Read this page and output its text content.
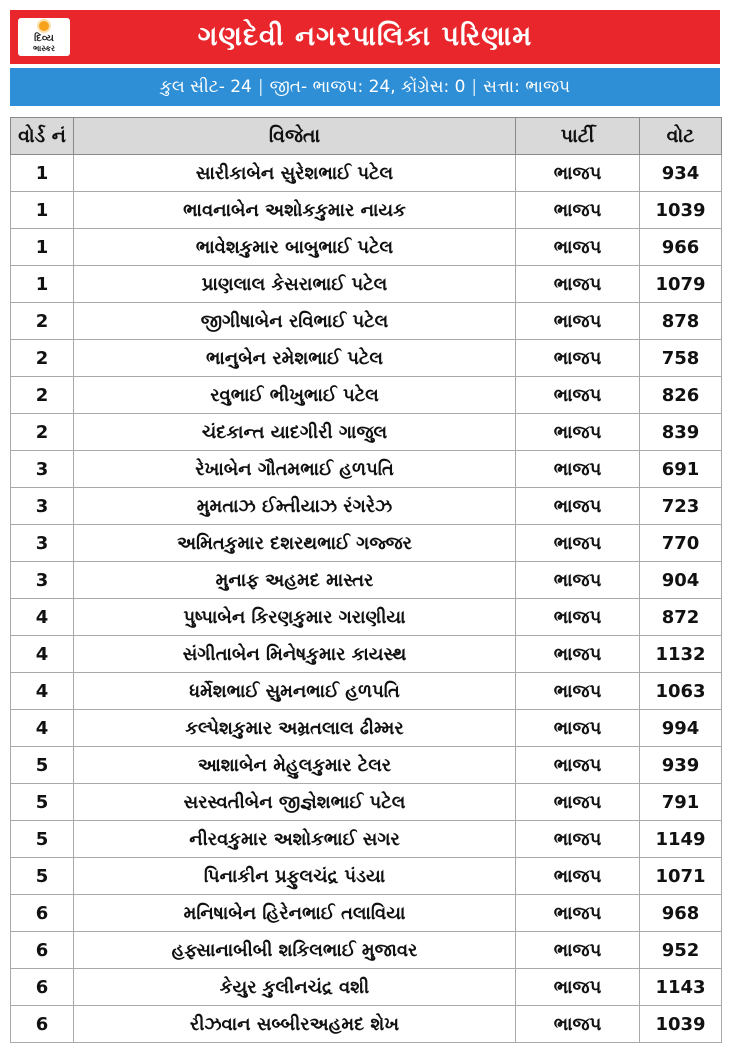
દિવ્ય
ભાસ્કર	ગણદેવી નગરપાલિકા પરિણામ
કુલ સીટ- 24 | જીત- ભાજપ: 24, કોંગ્રેસ: 0 | સત્તા: ભાજપ
વોર્ડ નં	વિજેતા	પાર્ટી	વોટ
1	સારીકાબેન સુરેશભાઈ પટેલ	ભાજપ	934
1	ભાવનાબેન અશોકકુમાર નાયક	ભાજપ	1039
1	ભાવેશકુમાર બાબુભાઈ પટેલ	ભાજપ	966
1	પ્રાણલાલ કેસરાભાઈ પટેલ	ભાજપ	1079
2	જીગીષાબેન રવિભાઈ પટેલ	ભાજપ	878
2	ભાનુબેન રમેશભાઈ પટેલ	ભાજપ	758
2	રવુભાઈ ભીખુભાઈ પટેલ	ભાજપ	826
2	ચંદકાન્ત યાદગીરી ગાજુલ	ભાજપ	839
3	રેખાબેન ગૌતમભાઈ હળપતિ	ભાજપ	691
3	મુમતાઝ ઈમ્તીયાઝ રંગરેઝ	ભાજપ	723
3	અમિતકુમાર દશરથભાઈ ગજ્જર	ભાજપ	770
3	મુનાફ અહમદ માસ્તર	ભાજપ	904
4	પુષ્પાબેન કિરણકુમાર ગરાણીયા	ભાજપ	872
4	સંગીતાબેન મિનેષકુમાર કાયસ્થ	ભાજપ	1132
4	ધર્મેશભાઈ સુમનભાઈ હળપતિ	ભાજપ	1063
4	કલ્પેશકુમાર અમ્રતલાલ ઢીમ્મર	ભાજપ	994
5	આશાબેન મેહુલકુમાર ટેલર	ભાજપ	939
5	સરસ્વતીબેન જીજ્ઞેશભાઈ પટેલ	ભાજપ	791
5	નીરવકુમાર અશોકભાઈ સગર	ભાજપ	1149
5	પિનાકીન પ્રફુલચંદ્ર પંડયા	ભાજપ	1071
6	મનિષાબેન હિરેનભાઈ તલાવિયા	ભાજપ	968
6	હફ્સાનાબીબી શકિલભાઈ મુજાવર	ભાજપ	952
6	કેયુર કુલીનચંદ્ર વશી	ભાજપ	1143
6	રીઝવાન સબ્બીરઅહમદ શેખ	ભાજપ	1039
